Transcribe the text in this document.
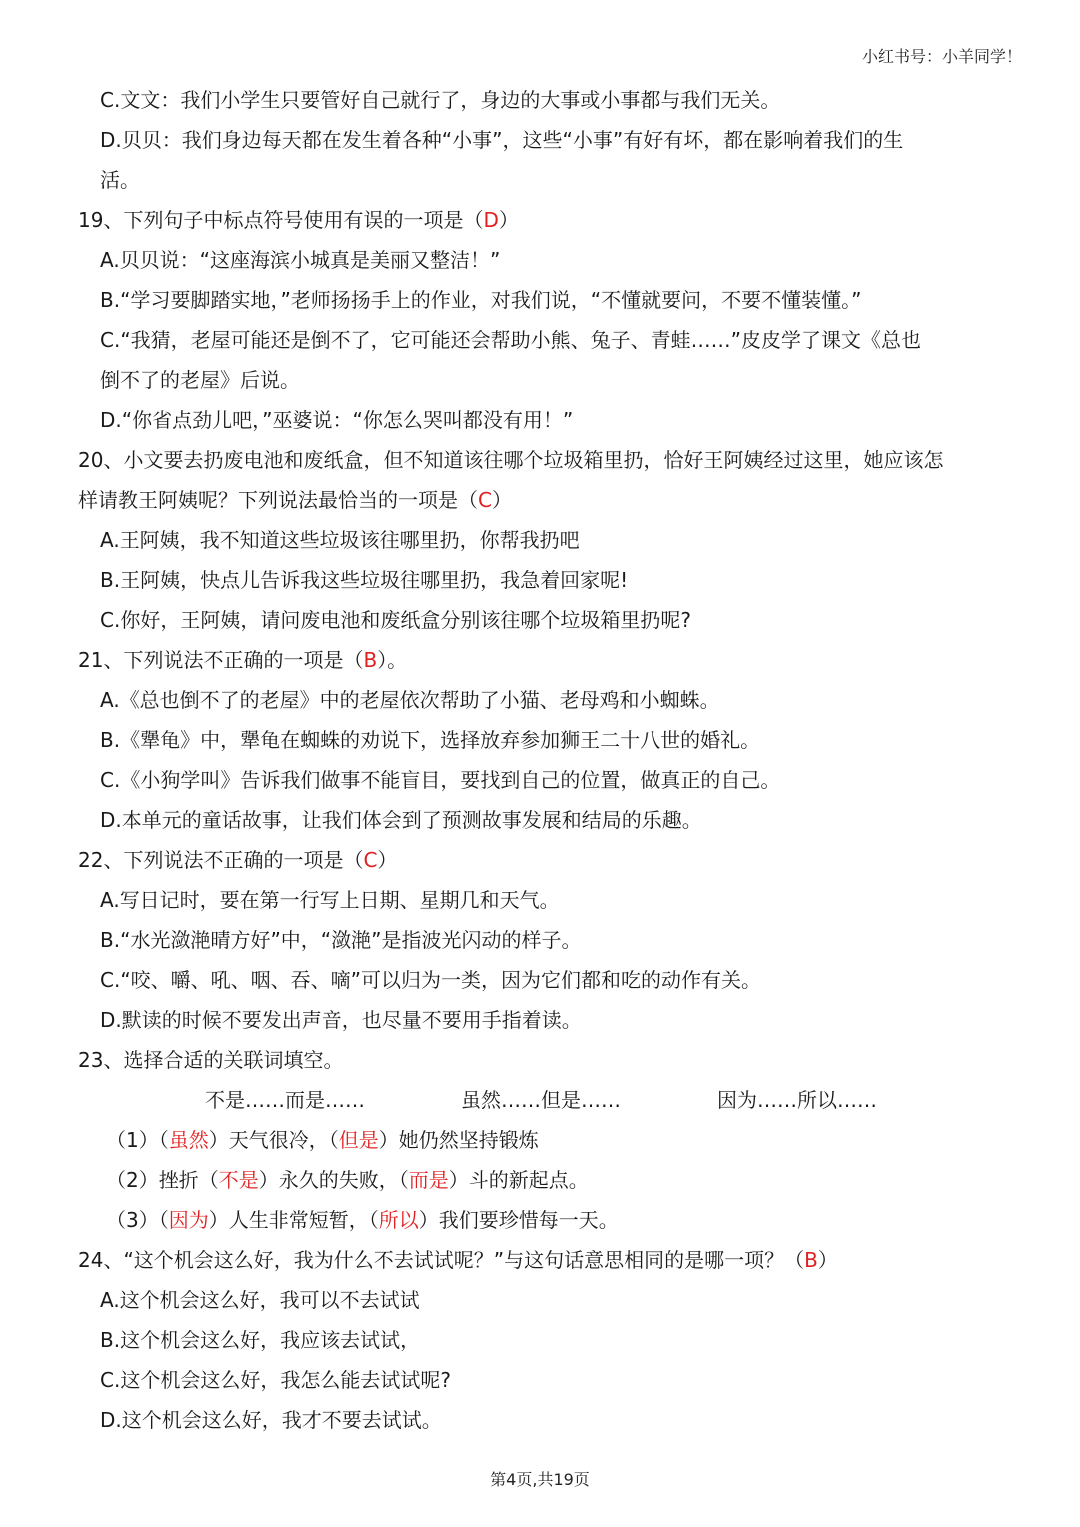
小红书号：小羊同学！
C.文文：我们小学生只要管好自己就行了，身边的大事或小事都与我们无关。
D.贝贝：我们身边每天都在发生着各种“小事”，这些“小事”有好有坏，都在影响着我们的生
活。
19、下列句子中标点符号使用有误的一项是（D）
A.贝贝说：“这座海滨小城真是美丽又整洁！”
B.“学习要脚踏实地，”老师扬扬手上的作业，对我们说，“不懂就要问，不要不懂装懂。”
C.“我猜，老屋可能还是倒不了，它可能还会帮助小熊、兔子、青蛙……”皮皮学了课文《总也
倒不了的老屋》后说。
D.“你省点劲儿吧，”巫婆说：“你怎么哭叫都没有用！”
20、小文要去扔废电池和废纸盒，但不知道该往哪个垃圾箱里扔，恰好王阿姨经过这里，她应该怎
样请教王阿姨呢？下列说法最恰当的一项是（C）
A.王阿姨，我不知道这些垃圾该往哪里扔，你帮我扔吧
B.王阿姨，快点儿告诉我这些垃圾往哪里扔，我急着回家呢!
C.你好，王阿姨，请问废电池和废纸盒分别该往哪个垃圾箱里扔呢?
21、下列说法不正确的一项是（B）。
A.《总也倒不了的老屋》中的老屋依次帮助了小猫、老母鸡和小蜘蛛。
B.《犟龟》中，犟龟在蜘蛛的劝说下，选择放弃参加狮王二十八世的婚礼。
C.《小狗学叫》告诉我们做事不能盲目，要找到自己的位置，做真正的自己。
D.本单元的童话故事，让我们体会到了预测故事发展和结局的乐趣。
22、下列说法不正确的一项是（C）
A.写日记时，要在第一行写上日期、星期几和天气。
B.“水光潋滟晴方好”中，“潋滟”是指波光闪动的样子。
C.“咬、嚼、吼、咽、吞、嘀”可以归为一类，因为它们都和吃的动作有关。
D.默读的时候不要发出声音，也尽量不要用手指着读。
23、选择合适的关联词填空。
不是……而是……	虽然……但是……	因为……所以……
（1）（虽然）天气很冷，（但是）她仍然坚持锻炼
（2）挫折（不是）永久的失败，（而是）斗的新起点。
（3）（因为）人生非常短暂，（所以）我们要珍惜每一天。
24、“这个机会这么好，我为什么不去试试呢？”与这句话意思相同的是哪一项？（B）
A.这个机会这么好，我可以不去试试
B.这个机会这么好，我应该去试试，
C.这个机会这么好，我怎么能去试试呢?
D.这个机会这么好，我才不要去试试。
第4页,共19页
